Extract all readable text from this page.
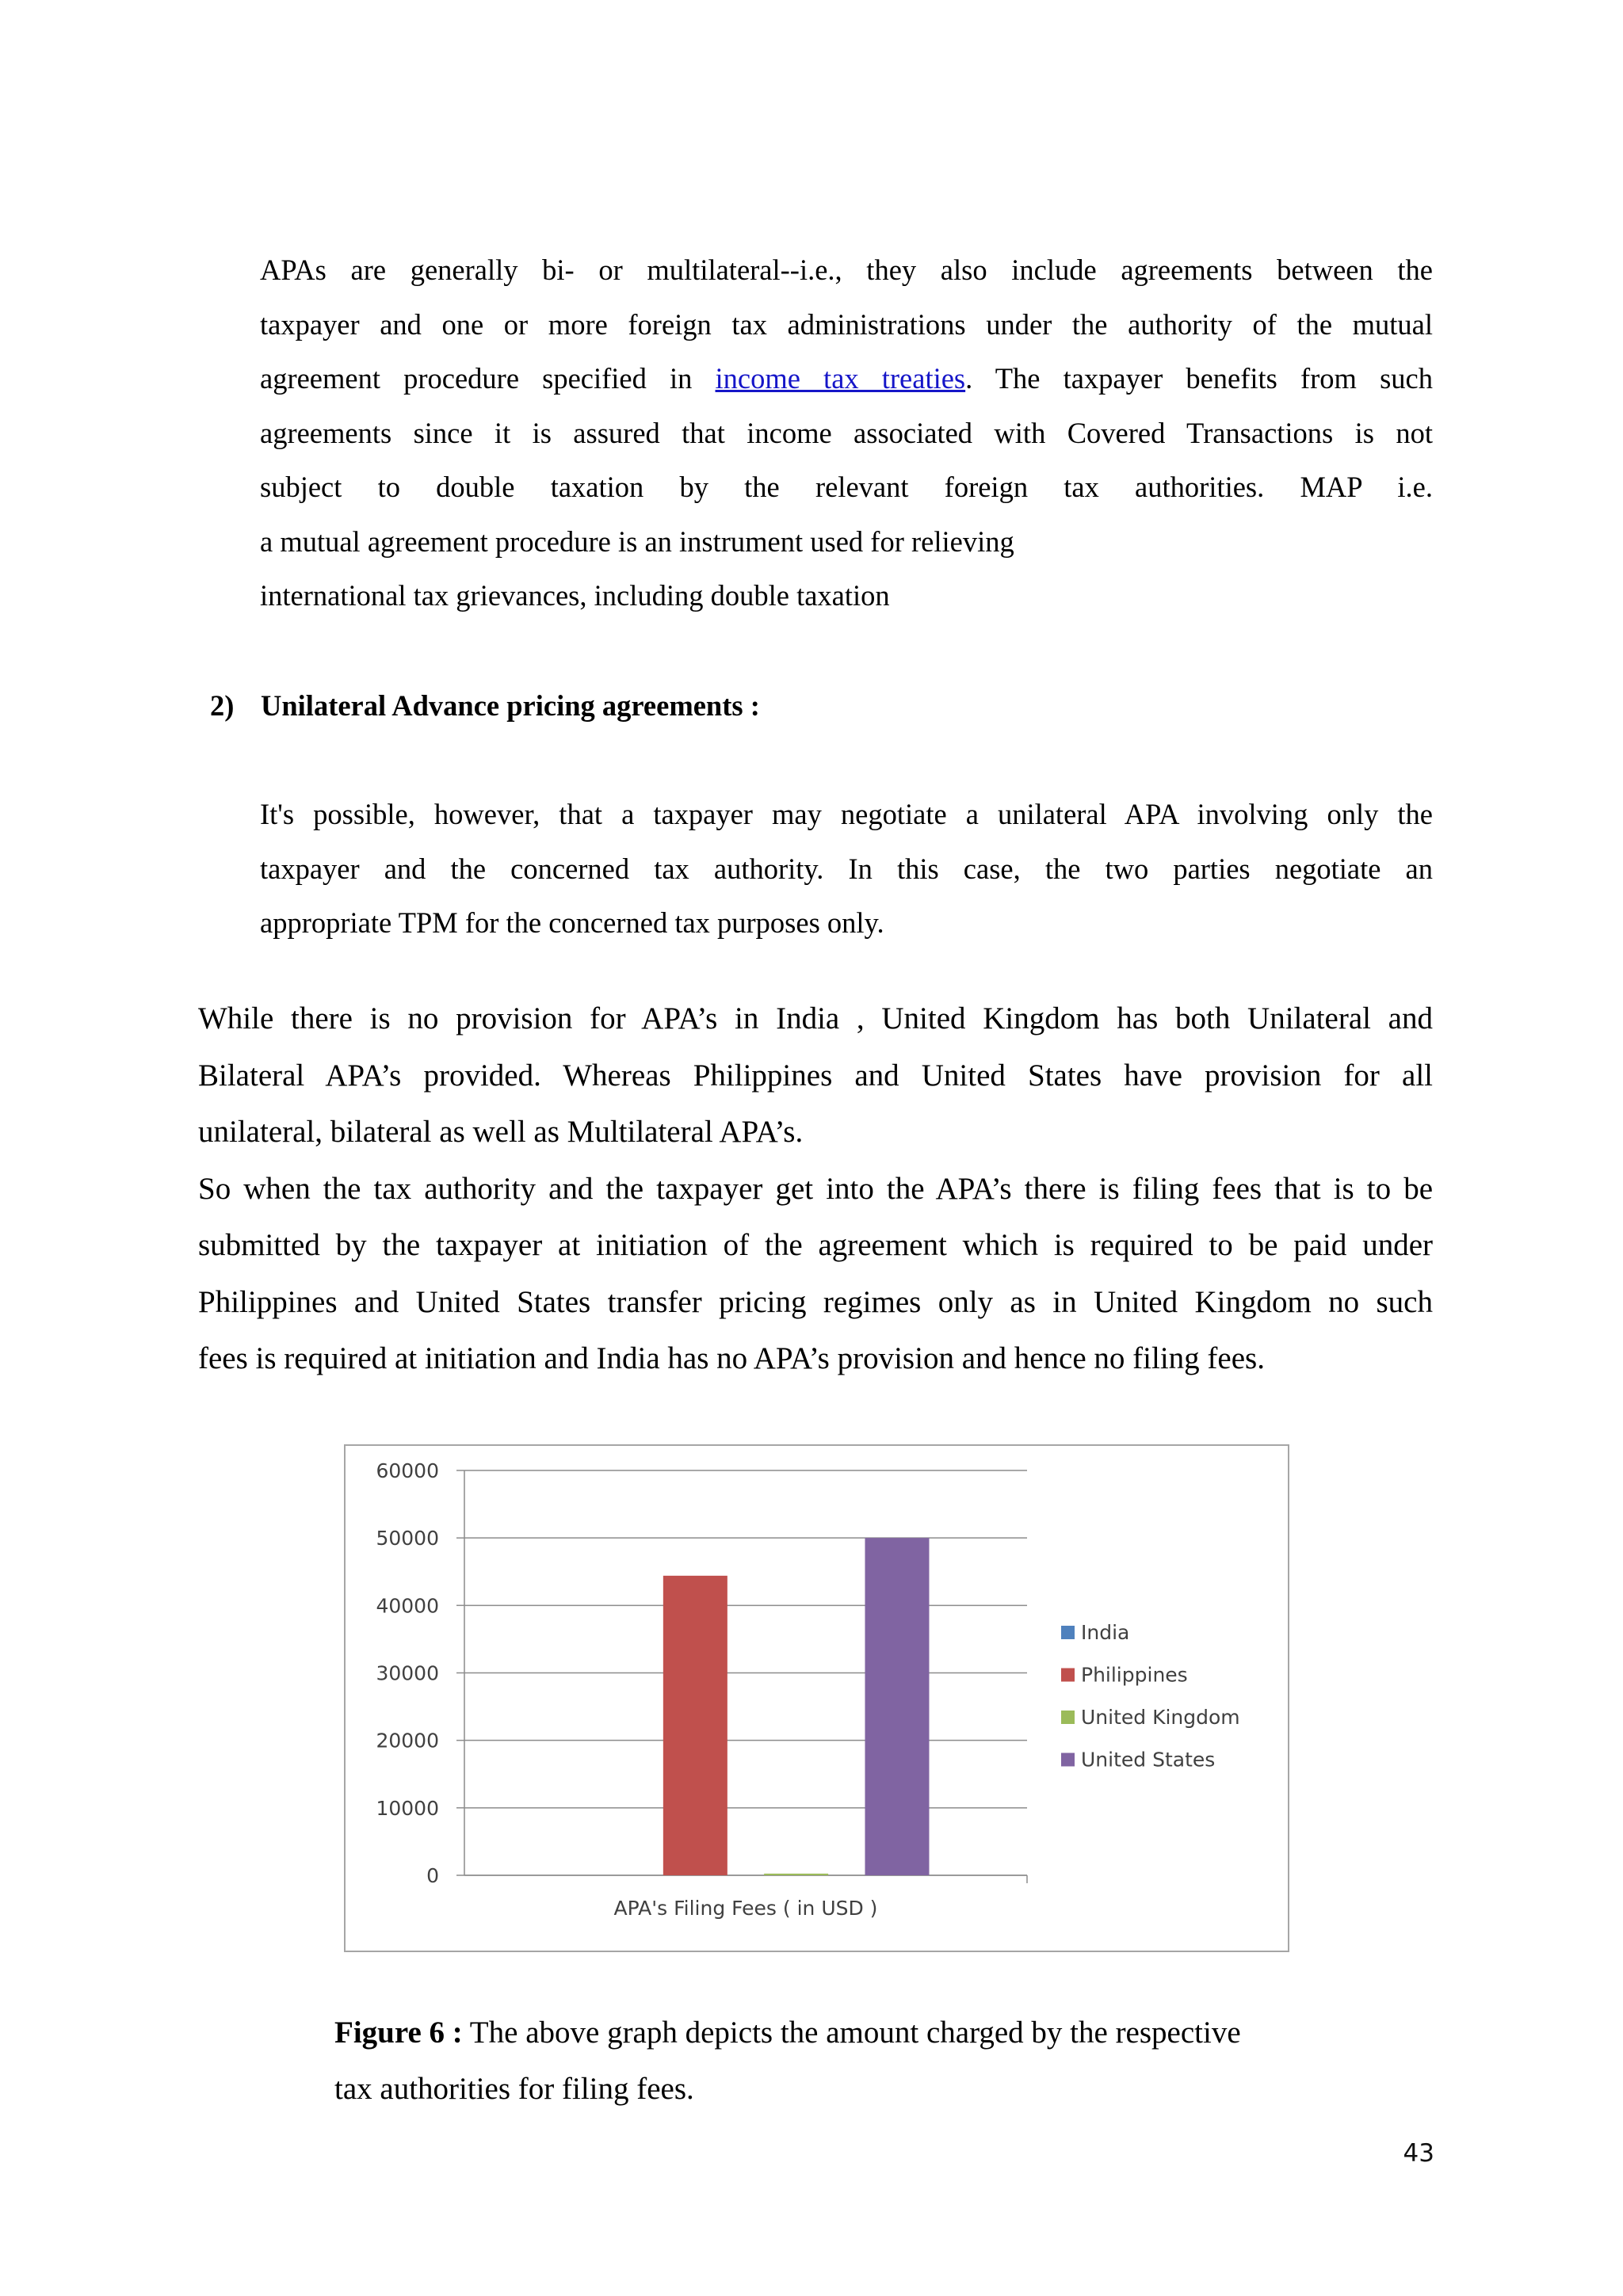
APAs are generally bi- or multilateral--i.e., they also include agreements between the
taxpayer and one or more foreign tax administrations under the authority of the mutual
agreement procedure specified in income tax treaties. The taxpayer benefits from such
agreements since it is assured that income associated with Covered Transactions is not
subject to double taxation by the relevant foreign tax authorities. MAP i.e.
a mutual agreement procedure is an instrument used for relieving
international tax grievances, including double taxation
2) Unilateral Advance pricing agreements :
It's possible, however, that a taxpayer may negotiate a unilateral APA involving only the
taxpayer and the concerned tax authority. In this case, the two parties negotiate an
appropriate TPM for the concerned tax purposes only.
While there is no provision for APA’s in India , United Kingdom has both Unilateral and
Bilateral APA’s provided. Whereas Philippines and United States have provision for all
unilateral, bilateral as well as Multilateral APA’s.
So when the tax authority and the taxpayer get into the APA’s there is filing fees that is to be
submitted by the taxpayer at initiation of the agreement which is required to be paid under
Philippines and United States transfer pricing regimes only as in United Kingdom no such
fees is required at initiation and India has no APA’s provision and hence no filing fees.
0
10000
20000
30000
40000
50000
60000
APA's Filing Fees ( in USD )
India
Philippines
United Kingdom
United States
Figure 6 : The above graph depicts the amount charged by the respective
tax authorities for filing fees.
43
